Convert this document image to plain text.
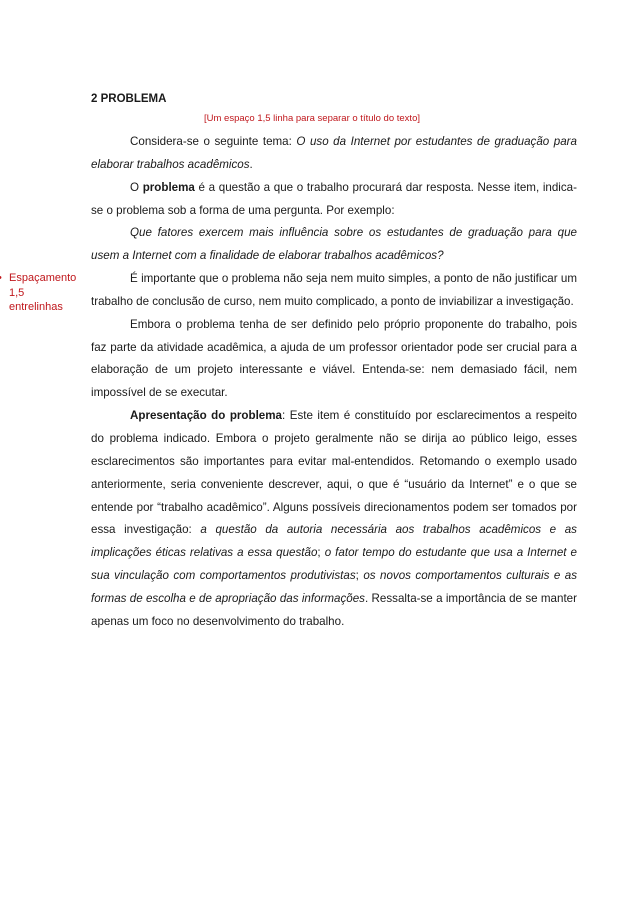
2 PROBLEMA
[Um espaço 1,5 linha para separar o título do texto]
Espaçamento
1,5
entrelinhas

Considera-se o seguinte tema: O uso da Internet por estudantes de graduação para elaborar trabalhos acadêmicos.

O problema é a questão a que o trabalho procurará dar resposta. Nesse item, indica-se o problema sob a forma de uma pergunta. Por exemplo:

Que fatores exercem mais influência sobre os estudantes de graduação para que usem a Internet com a finalidade de elaborar trabalhos acadêmicos?

É importante que o problema não seja nem muito simples, a ponto de não justificar um trabalho de conclusão de curso, nem muito complicado, a ponto de inviabilizar a investigação.

Embora o problema tenha de ser definido pelo próprio proponente do trabalho, pois faz parte da atividade acadêmica, a ajuda de um professor orientador pode ser crucial para a elaboração de um projeto interessante e viável. Entenda-se: nem demasiado fácil, nem impossível de se executar.

Apresentação do problema: Este item é constituído por esclarecimentos a respeito do problema indicado. Embora o projeto geralmente não se dirija ao público leigo, esses esclarecimentos são importantes para evitar mal-entendidos. Retomando o exemplo usado anteriormente, seria conveniente descrever, aqui, o que é “usuário da Internet” e o que se entende por “trabalho acadêmico”. Alguns possíveis direcionamentos podem ser tomados por essa investigação: a questão da autoria necessária aos trabalhos acadêmicos e as implicações éticas relativas a essa questão; o fator tempo do estudante que usa a Internet e sua vinculação com comportamentos produtivistas; os novos comportamentos culturais e as formas de escolha e de apropriação das informações. Ressalta-se a importância de se manter apenas um foco no desenvolvimento do trabalho.
